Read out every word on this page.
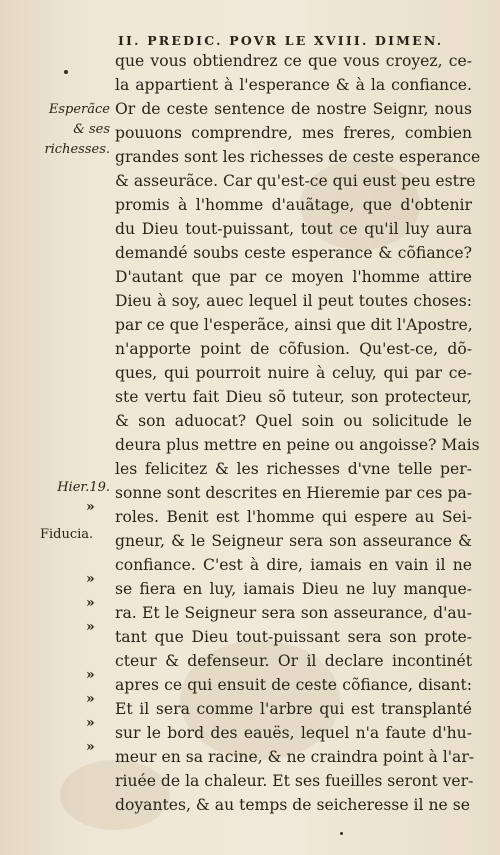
II. PREDIC. POVR LE XVIII. DIMEN.
Esperãce
& ses
richesses.
Hier.19.
Fiducia.
»
»
»
»
»
»
»
»
que vous obtiendrez ce que vous croyez, ce-
la appartient à l'esperance & à la confiance.
Or de ceste sentence de nostre Seignr, nous
pouuons comprendre, mes freres, combien
grandes sont les richesses de ceste esperance
& asseurãce. Car qu'est-ce qui eust peu estre
promis à l'homme d'auãtage, que d'obtenir
du Dieu tout-puissant, tout ce qu'il luy aura
demandé soubs ceste esperance & cõfiance?
D'autant que par ce moyen l'homme attire
Dieu à soy, auec lequel il peut toutes choses:
par ce que l'esperãce, ainsi que dit l'Apostre,
n'apporte point de cõfusion. Qu'est-ce, dõ-
ques, qui pourroit nuire à celuy, qui par ce-
ste vertu fait Dieu sõ tuteur, son protecteur,
& son aduocat? Quel soin ou solicitude le
deura plus mettre en peine ou angoisse? Mais
les felicitez & les richesses d'vne telle per-
sonne sont descrites en Hieremie par ces pa-
roles. Benit est l'homme qui espere au Sei-
gneur, & le Seigneur sera son asseurance &
confiance. C'est à dire, iamais en vain il ne
se fiera en luy, iamais Dieu ne luy manque-
ra. Et le Seigneur sera son asseurance, d'au-
tant que Dieu tout-puissant sera son prote-
cteur & defenseur. Or il declare incontinét
apres ce qui ensuit de ceste cõfiance, disant:
Et il sera comme l'arbre qui est transplanté
sur le bord des eauës, lequel n'a faute d'hu-
meur en sa racine, & ne craindra point à l'ar-
riuée de la chaleur. Et ses fueilles seront ver-
doyantes, & au temps de seicheresse il ne se
